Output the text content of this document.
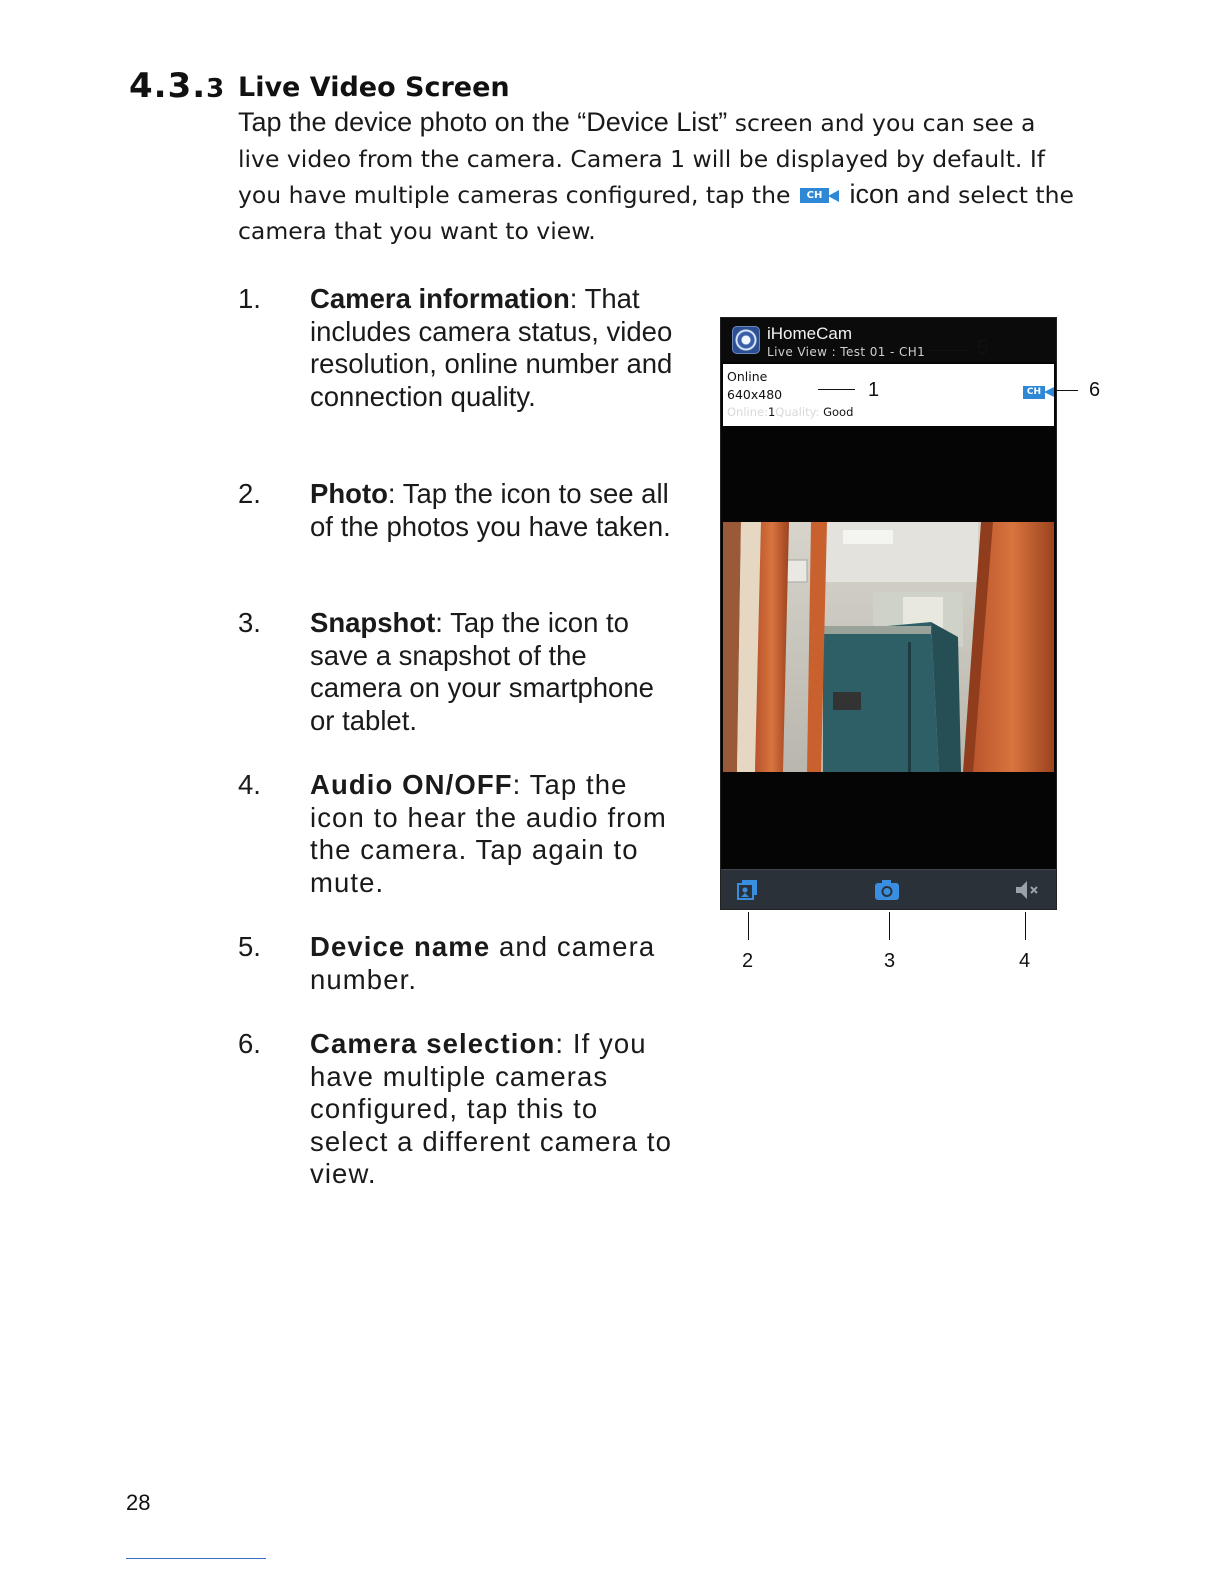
4.3.3 Live Video Screen
Tap the device photo on the “Device List” screen and you can see a live video from the camera. Camera 1 will be displayed by default. If you have multiple cameras configured, tap the CH icon and select the camera that you want to view.
1.	Camera information: That includes camera status, video resolution, online number and connection quality.
2.	Photo: Tap the icon to see all of the photos you have taken.
3.	Snapshot: Tap the icon to save a snapshot of the camera on your smartphone or tablet.
4.	Audio ON/OFF: Tap the icon to hear the audio from the camera. Tap again to mute.
5.	Device name and camera number.
6.	Camera selection: If you have multiple cameras configured, tap this to select a different camera to view.
iHomeCam
Live View : Test 01 - CH1
Online
640x480
Online:1Quality: Good
CH
5
1	6
2	3	4
28
